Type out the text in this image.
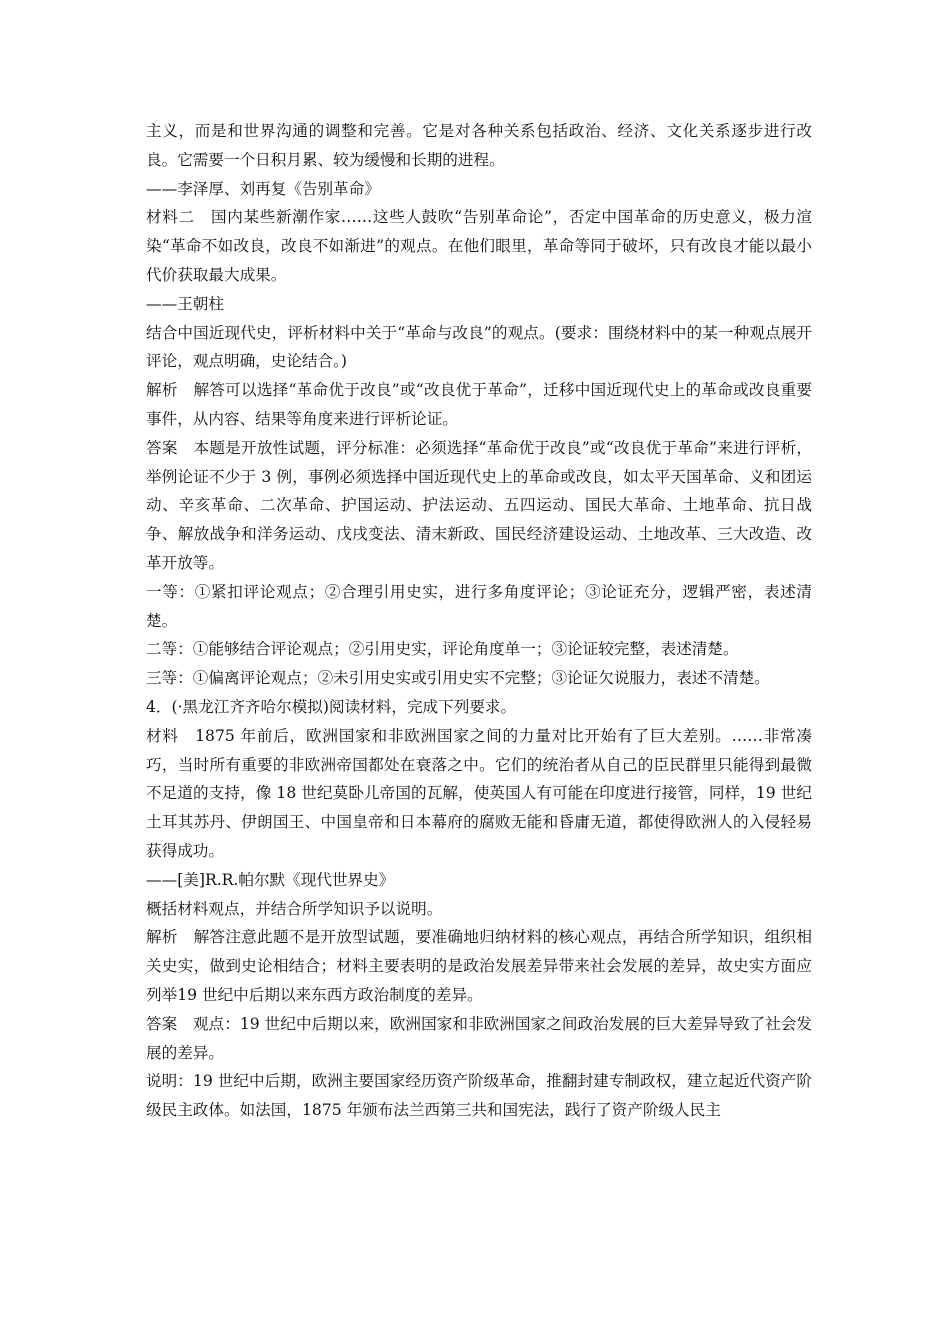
主义，而是和世界沟通的调整和完善。它是对各种关系包括政治、经济、文化关系逐步进行改良。它需要一个日积月累、较为缓慢和长期的进程。

——李泽厚、刘再复《告别革命》

材料二　国内某些新潮作家……这些人鼓吹“告别革命论”，否定中国革命的历史意义，极力渲染“革命不如改良，改良不如渐进”的观点。在他们眼里，革命等同于破坏，只有改良才能以最小代价获取最大成果。

——王朝柱

结合中国近现代史，评析材料中关于“革命与改良”的观点。(要求：围绕材料中的某一种观点展开评论，观点明确，史论结合。)

解析　解答可以选择“革命优于改良”或“改良优于革命”，迁移中国近现代史上的革命或改良重要事件，从内容、结果等角度来进行评析论证。

答案　本题是开放性试题，评分标准：必须选择“革命优于改良”或“改良优于革命”来进行评析，举例论证不少于 3 例，事例必须选择中国近现代史上的革命或改良，如太平天国革命、义和团运动、辛亥革命、二次革命、护国运动、护法运动、五四运动、国民大革命、土地革命、抗日战争、解放战争和洋务运动、戊戌变法、清末新政、国民经济建设运动、土地改革、三大改造、改革开放等。

一等：①紧扣评论观点；②合理引用史实，进行多角度评论；③论证充分，逻辑严密，表述清楚。

二等：①能够结合评论观点；②引用史实，评论角度单一；③论证较完整，表述清楚。

三等：①偏离评论观点；②未引用史实或引用史实不完整；③论证欠说服力，表述不清楚。

4．(·黑龙江齐齐哈尔模拟)阅读材料，完成下列要求。

材料　1875 年前后，欧洲国家和非欧洲国家之间的力量对比开始有了巨大差别。……非常凑巧，当时所有重要的非欧洲帝国都处在衰落之中。它们的统治者从自己的臣民群里只能得到最微不足道的支持，像 18 世纪莫卧儿帝国的瓦解，使英国人有可能在印度进行接管，同样，19 世纪土耳其苏丹、伊朗国王、中国皇帝和日本幕府的腐败无能和昏庸无道，都使得欧洲人的入侵轻易获得成功。

——[美]R.R.帕尔默《现代世界史》

概括材料观点，并结合所学知识予以说明。

解析　解答注意此题不是开放型试题，要准确地归纳材料的核心观点，再结合所学知识，组织相关史实，做到史论相结合；材料主要表明的是政治发展差异带来社会发展的差异，故史实方面应列举19 世纪中后期以来东西方政治制度的差异。

答案　观点：19 世纪中后期以来，欧洲国家和非欧洲国家之间政治发展的巨大差异导致了社会发展的差异。

说明：19 世纪中后期，欧洲主要国家经历资产阶级革命，推翻封建专制政权，建立起近代资产阶级民主政体。如法国，1875 年颁布法兰西第三共和国宪法，践行了资产阶级人民主
